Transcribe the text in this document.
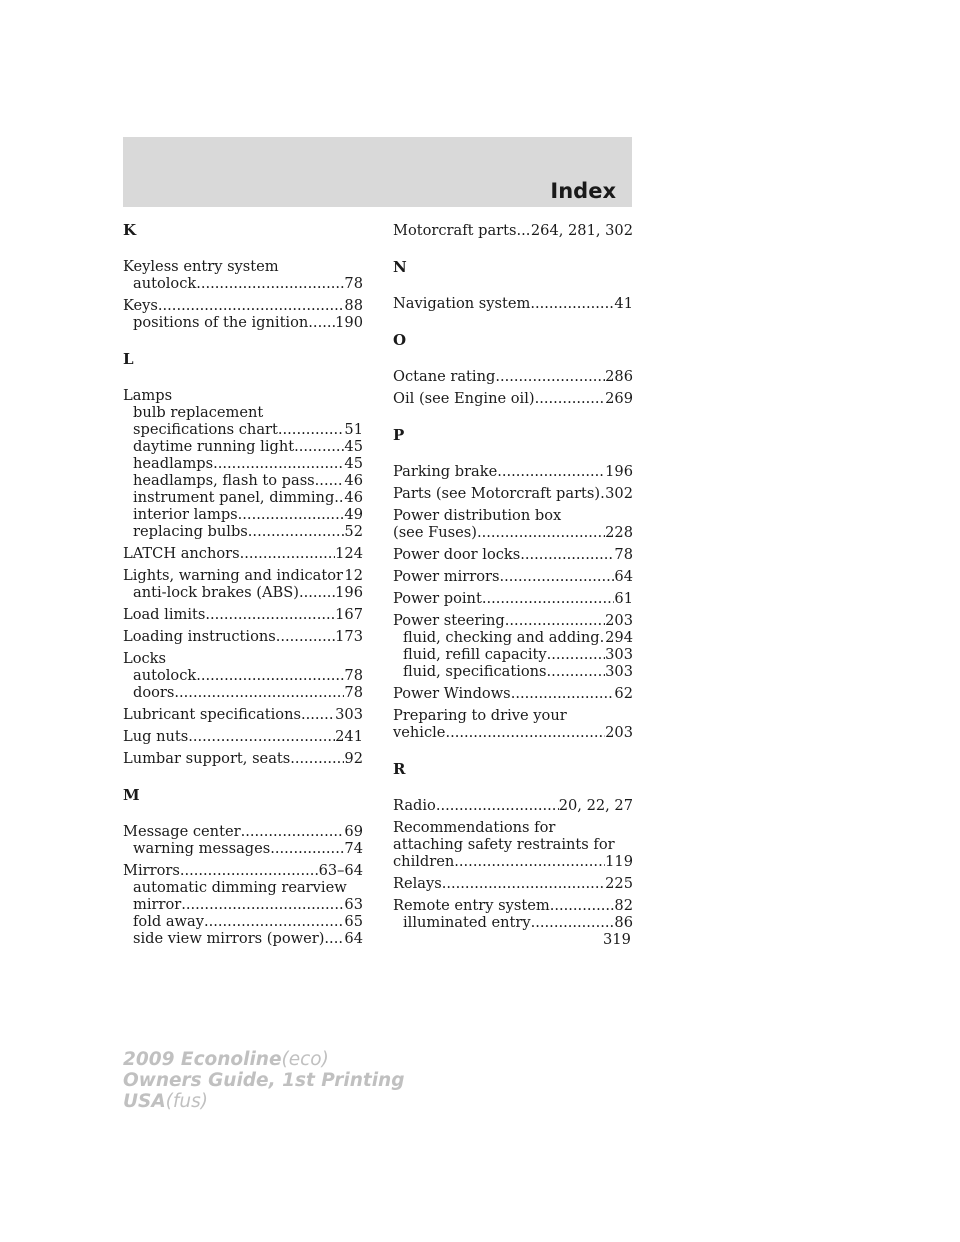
Index
K
Keyless entry system
autolock .....	78
Keys .....	88
positions of the ignition ..... 190
L
Lamps
bulb replacement
specifications chart .....	51
daytime running light .....	45
headlamps .....	45
headlamps, flash to pass ..... 46
instrument panel, dimming ..... 46
interior lamps .....	49
replacing bulbs .....	52
LATCH anchors .....	124
Lights, warning and indicator ..... 12
anti-lock brakes (ABS) ..... 196
Load limits .....	167
Loading instructions .....	173
Locks
autolock .....	78
doors .....	78
Lubricant specifications ..... 303
Lug nuts .....	241
Lumbar support, seats .....	92
M
Message center .....	69
warning messages .....	74
Mirrors .....	63–64
automatic dimming rearview
mirror .....	63
fold away .....	65
side view mirrors (power) ..... 64
Motorcraft parts ..... 264, 281, 302
N
Navigation system .....	41
O
Octane rating .....	286
Oil (see Engine oil) .....	269
P
Parking brake .....	196
Parts (see Motorcraft parts) ..... 302
Power distribution box
(see Fuses) .....	228
Power door locks .....	78
Power mirrors .....	64
Power point .....	61
Power steering .....	203
fluid, checking and adding ..... 294
fluid, refill capacity .....	303
fluid, specifications .....	303
Power Windows .....	62
Preparing to drive your
vehicle .....	203
R
Radio .....	20, 22, 27
Recommendations for
attaching safety restraints for
children .....	119
Relays .....	225
Remote entry system .....	82
illuminated entry .....	86
319
2009 Econoline(eco)
Owners Guide, 1st Printing
USA(fus)
